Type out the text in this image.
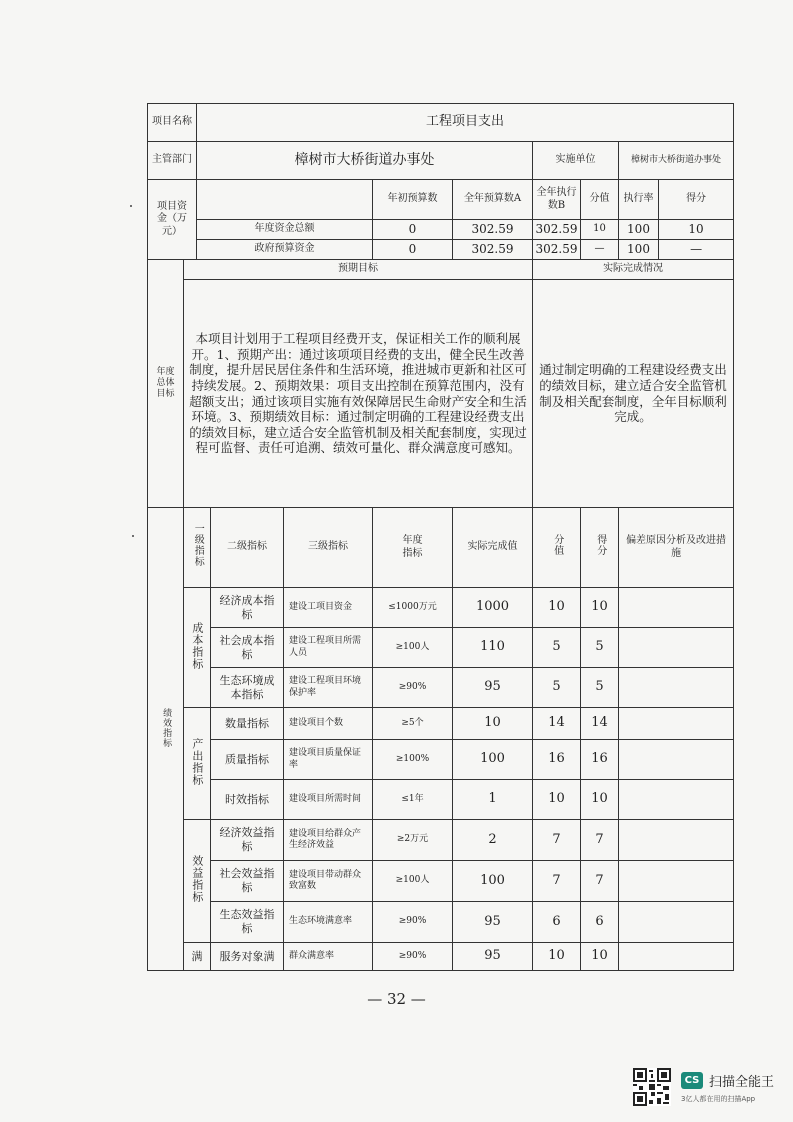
项目名称		工程项目支出								
主管部门		樟树市大桥街道办事处					实施单位		樟树市大桥街道办事处	
项目资金（万元）					年初预算数	全年预算数A	全年执行数B	分值	执行率	得分
		年度资金总额			0	302.59	302.59	10	100	10
		政府预算资金			0	302.59	302.59	—	100	—
年度总体目标	预期目标						实际完成情况			
	本项目计划用于工程项目经费开支，保证相关工作的顺利展开。1、预期产出：通过该项项目经费的支出，健全民生改善制度，提升居民居住条件和生活环境，推进城市更新和社区可持续发展。2、预期效果：项目支出控制在预算范围内，没有超额支出；通过该项目实施有效保障居民生命财产安全和生活环境。3、预期绩效目标：通过制定明确的工程建设经费支出的绩效目标，建立适合安全监管机制及相关配套制度，实现过程可监督、责任可追溯、绩效可量化、群众满意度可感知。						通过制定明确的工程建设经费支出的绩效目标，建立适合安全监管机制及相关配套制度，全年目标顺利完成。			
绩效指标	一级指标		二级指标	三级指标	年度指标	实际完成值	分值	得分	偏差原因分析及改进措施	
	成本指标		经济成本指标	建设工项目资金	≤1000万元	1000	10	10		
			社会成本指标	建设工程项目所需人员	≥100人	110	5	5		
			生态环境成本指标	建设工程项目环境保护率	≥90%	95	5	5		
	产出指标		数量指标	建设项目个数	≥5个	10	14	14		
			质量指标	建设项目质量保证率	≥100%	100	16	16		
			时效指标	建设项目所需时间	≤1年	1	10	10		
	效益指标		经济效益指标	建设项目给群众产生经济效益	≥2万元	2	7	7		
			社会效益指标	建设项目带动群众致富数	≥100人	100	7	7		
			生态效益指标	生态环境满意率	≥90%	95	6	6		
	满		服务对象满	群众满意率	≥90%	95	10	10		
— 32 —
CS 扫描全能王
3亿人都在用的扫描App
